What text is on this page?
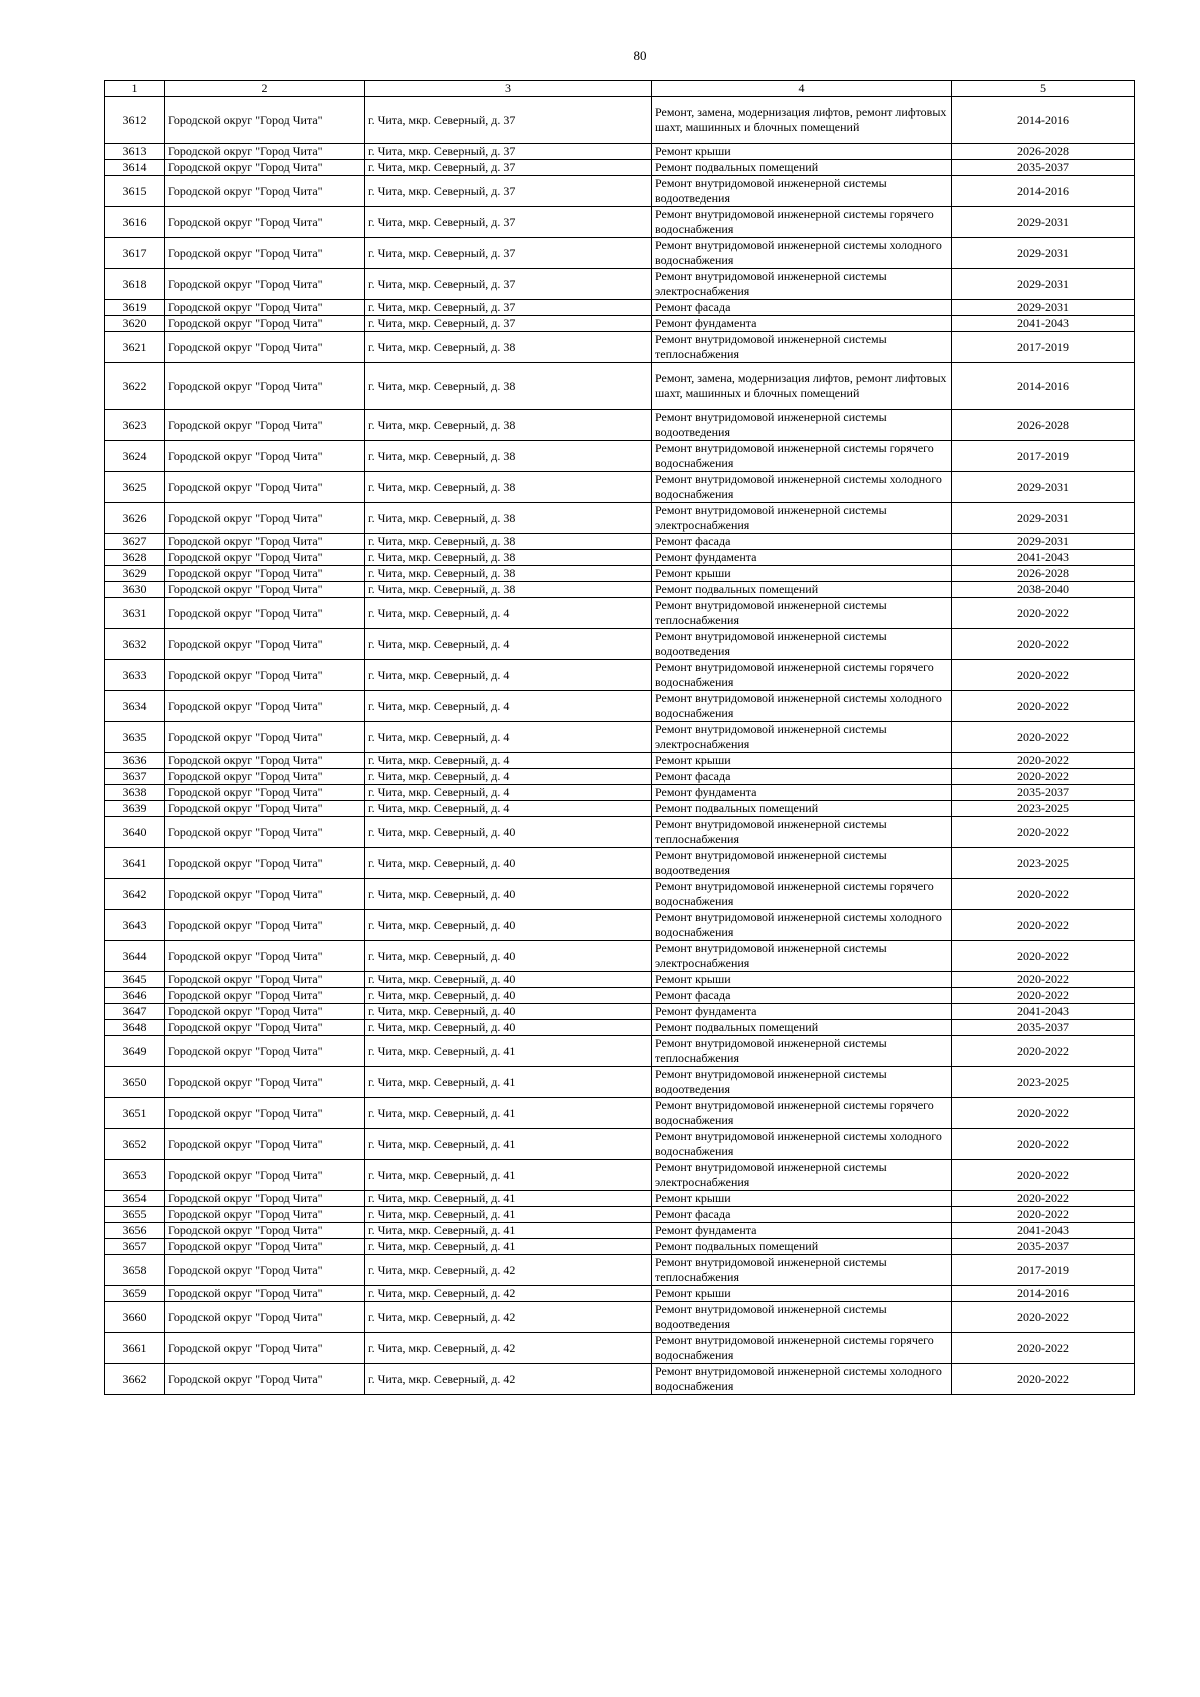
80
1	2	3	4	5
3612	Городской округ "Город Чита"	г. Чита, мкр. Северный, д. 37	Ремонт, замена, модернизация лифтов, ремонт лифтовых шахт, машинных и блочных помещений	2014-2016
3613	Городской округ "Город Чита"	г. Чита, мкр. Северный, д. 37	Ремонт крыши	2026-2028
3614	Городской округ "Город Чита"	г. Чита, мкр. Северный, д. 37	Ремонт подвальных помещений	2035-2037
3615	Городской округ "Город Чита"	г. Чита, мкр. Северный, д. 37	Ремонт внутридомовой инженерной системы водоотведения	2014-2016
3616	Городской округ "Город Чита"	г. Чита, мкр. Северный, д. 37	Ремонт внутридомовой инженерной системы горячего водоснабжения	2029-2031
3617	Городской округ "Город Чита"	г. Чита, мкр. Северный, д. 37	Ремонт внутридомовой инженерной системы холодного водоснабжения	2029-2031
3618	Городской округ "Город Чита"	г. Чита, мкр. Северный, д. 37	Ремонт внутридомовой инженерной системы электроснабжения	2029-2031
3619	Городской округ "Город Чита"	г. Чита, мкр. Северный, д. 37	Ремонт фасада	2029-2031
3620	Городской округ "Город Чита"	г. Чита, мкр. Северный, д. 37	Ремонт фундамента	2041-2043
3621	Городской округ "Город Чита"	г. Чита, мкр. Северный, д. 38	Ремонт внутридомовой инженерной системы теплоснабжения	2017-2019
3622	Городской округ "Город Чита"	г. Чита, мкр. Северный, д. 38	Ремонт, замена, модернизация лифтов, ремонт лифтовых шахт, машинных и блочных помещений	2014-2016
3623	Городской округ "Город Чита"	г. Чита, мкр. Северный, д. 38	Ремонт внутридомовой инженерной системы водоотведения	2026-2028
3624	Городской округ "Город Чита"	г. Чита, мкр. Северный, д. 38	Ремонт внутридомовой инженерной системы горячего водоснабжения	2017-2019
3625	Городской округ "Город Чита"	г. Чита, мкр. Северный, д. 38	Ремонт внутридомовой инженерной системы холодного водоснабжения	2029-2031
3626	Городской округ "Город Чита"	г. Чита, мкр. Северный, д. 38	Ремонт внутридомовой инженерной системы электроснабжения	2029-2031
3627	Городской округ "Город Чита"	г. Чита, мкр. Северный, д. 38	Ремонт фасада	2029-2031
3628	Городской округ "Город Чита"	г. Чита, мкр. Северный, д. 38	Ремонт фундамента	2041-2043
3629	Городской округ "Город Чита"	г. Чита, мкр. Северный, д. 38	Ремонт крыши	2026-2028
3630	Городской округ "Город Чита"	г. Чита, мкр. Северный, д. 38	Ремонт подвальных помещений	2038-2040
3631	Городской округ "Город Чита"	г. Чита, мкр. Северный, д. 4	Ремонт внутридомовой инженерной системы теплоснабжения	2020-2022
3632	Городской округ "Город Чита"	г. Чита, мкр. Северный, д. 4	Ремонт внутридомовой инженерной системы водоотведения	2020-2022
3633	Городской округ "Город Чита"	г. Чита, мкр. Северный, д. 4	Ремонт внутридомовой инженерной системы горячего водоснабжения	2020-2022
3634	Городской округ "Город Чита"	г. Чита, мкр. Северный, д. 4	Ремонт внутридомовой инженерной системы холодного водоснабжения	2020-2022
3635	Городской округ "Город Чита"	г. Чита, мкр. Северный, д. 4	Ремонт внутридомовой инженерной системы электроснабжения	2020-2022
3636	Городской округ "Город Чита"	г. Чита, мкр. Северный, д. 4	Ремонт крыши	2020-2022
3637	Городской округ "Город Чита"	г. Чита, мкр. Северный, д. 4	Ремонт фасада	2020-2022
3638	Городской округ "Город Чита"	г. Чита, мкр. Северный, д. 4	Ремонт фундамента	2035-2037
3639	Городской округ "Город Чита"	г. Чита, мкр. Северный, д. 4	Ремонт подвальных помещений	2023-2025
3640	Городской округ "Город Чита"	г. Чита, мкр. Северный, д. 40	Ремонт внутридомовой инженерной системы теплоснабжения	2020-2022
3641	Городской округ "Город Чита"	г. Чита, мкр. Северный, д. 40	Ремонт внутридомовой инженерной системы водоотведения	2023-2025
3642	Городской округ "Город Чита"	г. Чита, мкр. Северный, д. 40	Ремонт внутридомовой инженерной системы горячего водоснабжения	2020-2022
3643	Городской округ "Город Чита"	г. Чита, мкр. Северный, д. 40	Ремонт внутридомовой инженерной системы холодного водоснабжения	2020-2022
3644	Городской округ "Город Чита"	г. Чита, мкр. Северный, д. 40	Ремонт внутридомовой инженерной системы электроснабжения	2020-2022
3645	Городской округ "Город Чита"	г. Чита, мкр. Северный, д. 40	Ремонт крыши	2020-2022
3646	Городской округ "Город Чита"	г. Чита, мкр. Северный, д. 40	Ремонт фасада	2020-2022
3647	Городской округ "Город Чита"	г. Чита, мкр. Северный, д. 40	Ремонт фундамента	2041-2043
3648	Городской округ "Город Чита"	г. Чита, мкр. Северный, д. 40	Ремонт подвальных помещений	2035-2037
3649	Городской округ "Город Чита"	г. Чита, мкр. Северный, д. 41	Ремонт внутридомовой инженерной системы теплоснабжения	2020-2022
3650	Городской округ "Город Чита"	г. Чита, мкр. Северный, д. 41	Ремонт внутридомовой инженерной системы водоотведения	2023-2025
3651	Городской округ "Город Чита"	г. Чита, мкр. Северный, д. 41	Ремонт внутридомовой инженерной системы горячего водоснабжения	2020-2022
3652	Городской округ "Город Чита"	г. Чита, мкр. Северный, д. 41	Ремонт внутридомовой инженерной системы холодного водоснабжения	2020-2022
3653	Городской округ "Город Чита"	г. Чита, мкр. Северный, д. 41	Ремонт внутридомовой инженерной системы электроснабжения	2020-2022
3654	Городской округ "Город Чита"	г. Чита, мкр. Северный, д. 41	Ремонт крыши	2020-2022
3655	Городской округ "Город Чита"	г. Чита, мкр. Северный, д. 41	Ремонт фасада	2020-2022
3656	Городской округ "Город Чита"	г. Чита, мкр. Северный, д. 41	Ремонт фундамента	2041-2043
3657	Городской округ "Город Чита"	г. Чита, мкр. Северный, д. 41	Ремонт подвальных помещений	2035-2037
3658	Городской округ "Город Чита"	г. Чита, мкр. Северный, д. 42	Ремонт внутридомовой инженерной системы теплоснабжения	2017-2019
3659	Городской округ "Город Чита"	г. Чита, мкр. Северный, д. 42	Ремонт крыши	2014-2016
3660	Городской округ "Город Чита"	г. Чита, мкр. Северный, д. 42	Ремонт внутридомовой инженерной системы водоотведения	2020-2022
3661	Городской округ "Город Чита"	г. Чита, мкр. Северный, д. 42	Ремонт внутридомовой инженерной системы горячего водоснабжения	2020-2022
3662	Городской округ "Город Чита"	г. Чита, мкр. Северный, д. 42	Ремонт внутридомовой инженерной системы холодного водоснабжения	2020-2022
